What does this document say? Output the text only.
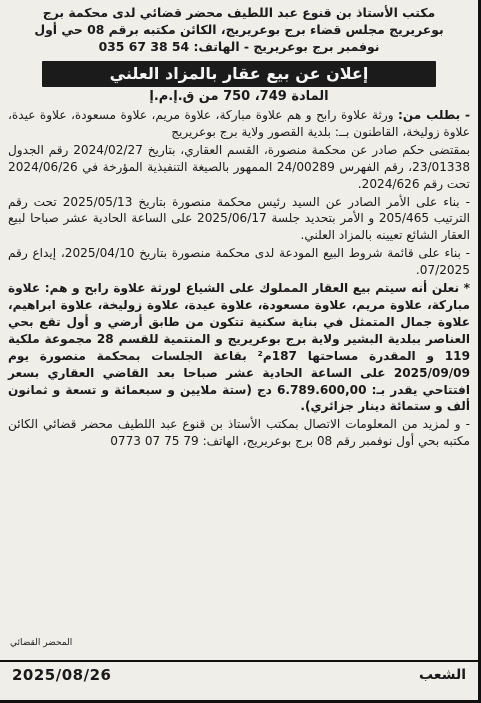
مكتب الأستاذ بن قنوع عبد اللطيف محضر قضائي لدى محكمة برج
بوعريريج مجلس قضاء برج بوعريريج، الكائن مكتبه برقم 08 حي أول
نوفمبر برج بوعريريج - الهاتف: 54 38 67 035
إعلان عن بيع عقار بالمزاد العلني
المادة 749، 750 من ق.إ.م.إ

- بطلب من: ورثة علاوة رابح و هم علاوة مباركة، علاوة مريم، علاوة مسعودة، علاوة عيدة، علاوة زوليخة، القاطنون بــ: بلدية القصور ولاية برج بوعريريج

بمقتضى حكم صادر عن محكمة منصورة، القسم العقاري، بتاريخ 2024/02/27 رقم الجدول 23/01338، رقم الفهرس 24/00289 الممهور بالصيغة التنفيذية المؤرخة في 2024/06/26 تحت رقم 2024/626.

- بناء على الأمر الصادر عن السيد رئيس محكمة منصورة بتاريخ 2025/05/13 تحت رقم الترتيب 205/465 و الأمر بتحديد جلسة 2025/06/17 على الساعة الحادية عشر صباحا لبيع العقار الشائع تعيينه بالمزاد العلني.

- بناء على قائمة شروط البيع المودعة لدى محكمة منصورة بتاريخ 2025/04/10، إيداع رقم 07/2025.

* نعلن أنه سيتم بيع العقار المملوك على الشياع لورثة علاوة رابح و هم: علاوة مباركة، علاوة مريم، علاوة مسعودة، علاوة عيدة، علاوة زوليخة، علاوة ابراهيم، علاوة جمال المتمثل في بناية سكنية تتكون من طابق أرضي و أول تقع بحي العناصر ببلدية البشير ولاية برج بوعريريج و المنتمية للقسم 28 مجموعة ملكية 119 و المقدرة مساحتها 187م² بقاعة الجلسات بمحكمة منصورة يوم 2025/09/09 على الساعة الحادية عشر صباحا بعد القاضي العقاري بسعر افتتاحي يقدر بـ: 6.789.600,00 دج (ستة ملايين و سبعمائة و تسعة و ثمانون ألف و ستمائة دينار جزائري).

- و لمزيد من المعلومات الاتصال بمكتب الأستاذ بن قنوع عبد اللطيف محضر قضائي الكائن مكتبه بحي أول نوفمبر رقم 08 برج بوعريريج، الهاتف: 79 75 07 0773

المحضر القضائي
2025/08/26	الشعب
